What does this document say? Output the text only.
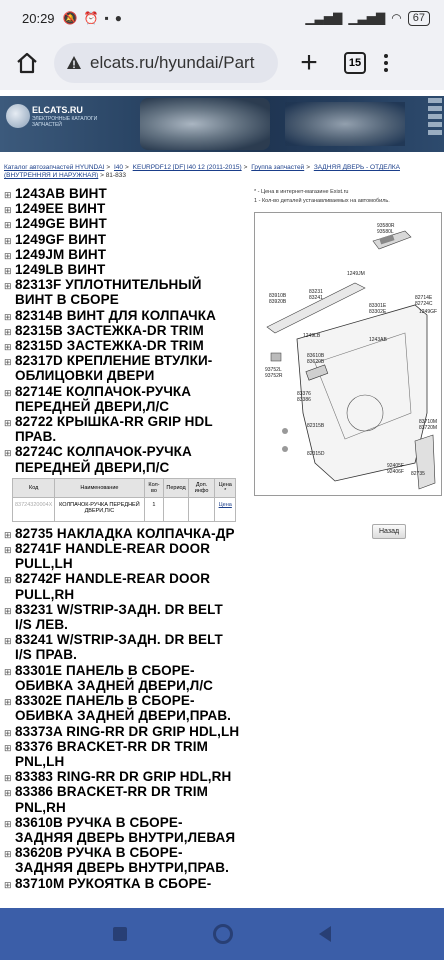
20:29 🔕 ⏰ ▪ ●	▁▃▅▇ ▁▃▅▇ ◠	67
elcats.ru/hyundai/Part +	15
ELCATS.RU
ЭЛЕКТРОННЫЕ КАТАЛОГИ ЗАПЧАСТЕЙ
Каталог автозапчастей HYUNDAI > I40 > KEURPDF12 [DF] I40 12 (2011-2015) > Группа запчастей > ЗАДНЯЯ ДВЕРЬ - ОТДЕЛКА (ВНУТРЕННЯЯ И НАРУЖНАЯ) > 81-833
⊞ 1243AB ВИНТ
⊞ 1249EE ВИНТ
⊞ 1249GE ВИНТ
⊞ 1249GF ВИНТ
⊞ 1249JM ВИНТ
⊞ 1249LB ВИНТ
⊞ 82313F УПЛОТНИТЕЛЬНЫЙ ВИНТ В СБОРЕ
⊞ 82314B ВИНТ ДЛЯ КОЛПАЧКА
⊞ 82315B ЗАСТЕЖКА-DR TRIM
⊞ 82315D ЗАСТЕЖКА-DR TRIM
⊞ 82317D КРЕПЛЕНИЕ ВТУЛКИ-ОБЛИЦОВКИ ДВЕРИ
⊞ 82714E КОЛПАЧОК-РУЧКА ПЕРЕДНЕЙ ДВЕРИ,Л/С
⊞ 82722 КРЫШКА-RR GRIP HDL ПРАВ.
⊞ 82724C КОЛПАЧОК-РУЧКА ПЕРЕДНЕЙ ДВЕРИ,П/С
Код	Наименование	Кол-во	Период	Доп. инфо	Цена *
83724320004X	КОЛПАЧОК-РУЧКА ПЕРЕДНЕЙ ДВЕРИ,П/С	1			Цена
⊞ 82735 НАКЛАДКА КОЛПАЧКА-ДР
⊞ 82741F HANDLE-REAR DOOR PULL,LH
⊞ 82742F HANDLE-REAR DOOR PULL,RH
⊞ 83231 W/STRIP-ЗАДН. DR BELT I/S ЛЕВ.
⊞ 83241 W/STRIP-ЗАДН. DR BELT I/S ПРАВ.
⊞ 83301E ПАНЕЛЬ В СБОРЕ-ОБИВКА ЗАДНЕЙ ДВЕРИ,Л/С
⊞ 83302E ПАНЕЛЬ В СБОРЕ-ОБИВКА ЗАДНЕЙ ДВЕРИ,ПРАВ.
⊞ 83373A RING-RR DR GRIP HDL,LH
⊞ 83376 BRACKET-RR DR TRIM PNL,LH
⊞ 83383 RING-RR DR GRIP HDL,RH
⊞ 83386 BRACKET-RR DR TRIM PNL,RH
⊞ 83610B РУЧКА В СБОРЕ-ЗАДНЯЯ ДВЕРЬ ВНУТРИ,ЛЕВАЯ
⊞ 83620B РУЧКА В СБОРЕ-ЗАДНЯЯ ДВЕРЬ ВНУТРИ,ПРАВ.
⊞ 83710M РУКОЯТКА В СБОРЕ-
* - Цена в интернет-магазине Exist.ru
1 - Кол-во деталей устанавливаемых на автомобиль.
93580R
93580L
1249JM
83231
83241
83910B
83920B
83301E
83302E
82714E
82724C
1249GF
1249LB
1243AB
83610B
83620B
93752L
93752R
83376
83386
82315B
82315D
83710M
83720M
92405F
92406F 82735
Назад
